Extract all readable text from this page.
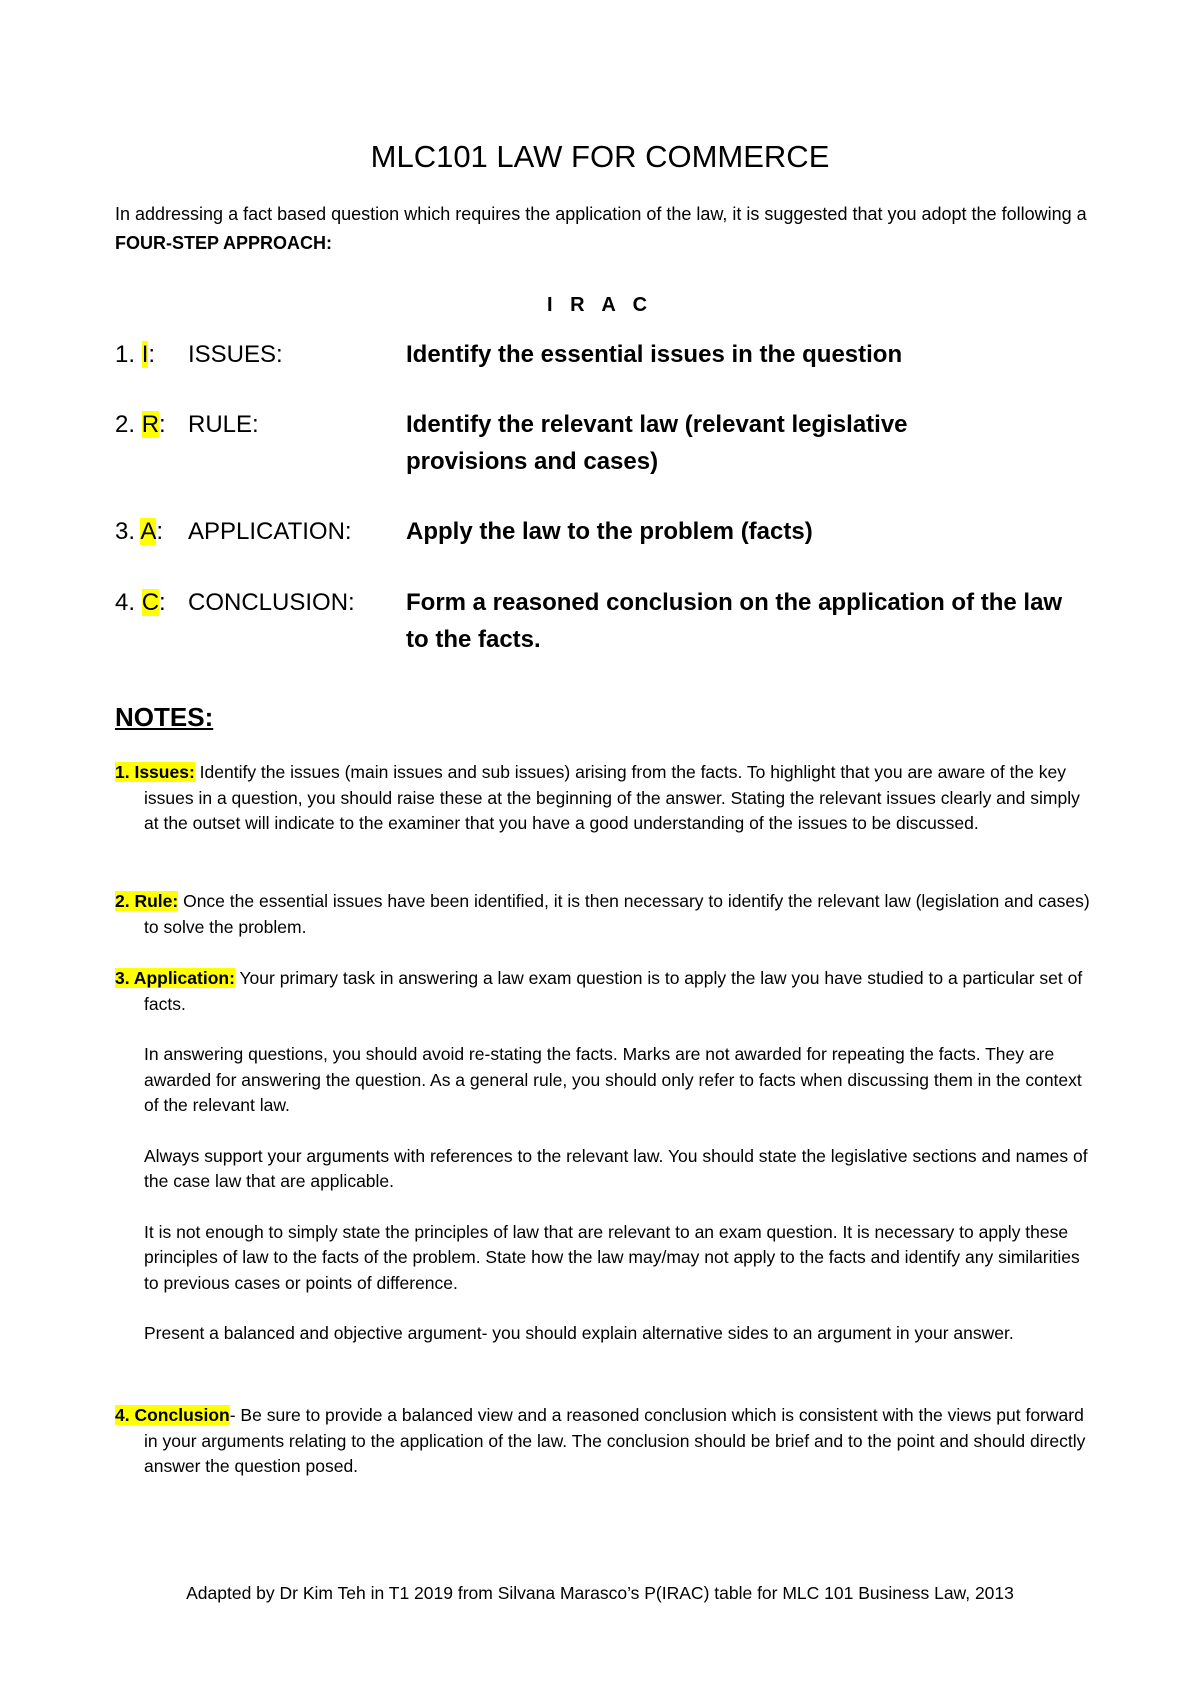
MLC101 LAW FOR COMMERCE
In addressing a fact based question which requires the application of the law, it is suggested that you adopt the following a FOUR-STEP APPROACH:
I R A C
1. I: ISSUES:	Identify the essential issues in the question
2. R: RULE:	Identify the relevant law (relevant legislative provisions and cases)
3. A: APPLICATION: Apply the law to the problem (facts)
4. C: CONCLUSION: Form a reasoned conclusion on the application of the law to the facts.
NOTES:

1. Issues: Identify the issues (main issues and sub issues) arising from the facts. To highlight that you are aware of the key issues in a question, you should raise these at the beginning of the answer. Stating the relevant issues clearly and simply at the outset will indicate to the examiner that you have a good understanding of the issues to be discussed.

2. Rule: Once the essential issues have been identified, it is then necessary to identify the relevant law (legislation and cases) to solve the problem.

3. Application: Your primary task in answering a law exam question is to apply the law you have studied to a particular set of facts.

In answering questions, you should avoid re-stating the facts. Marks are not awarded for repeating the facts. They are awarded for answering the question. As a general rule, you should only refer to facts when discussing them in the context of the relevant law.

Always support your arguments with references to the relevant law. You should state the legislative sections and names of the case law that are applicable.

It is not enough to simply state the principles of law that are relevant to an exam question. It is necessary to apply these principles of law to the facts of the problem. State how the law may/may not apply to the facts and identify any similarities to previous cases or points of difference.

Present a balanced and objective argument- you should explain alternative sides to an argument in your answer.

4. Conclusion- Be sure to provide a balanced view and a reasoned conclusion which is consistent with the views put forward in your arguments relating to the application of the law. The conclusion should be brief and to the point and should directly answer the question posed.

Adapted by Dr Kim Teh in T1 2019 from Silvana Marasco’s P(IRAC) table for MLC 101 Business Law, 2013
